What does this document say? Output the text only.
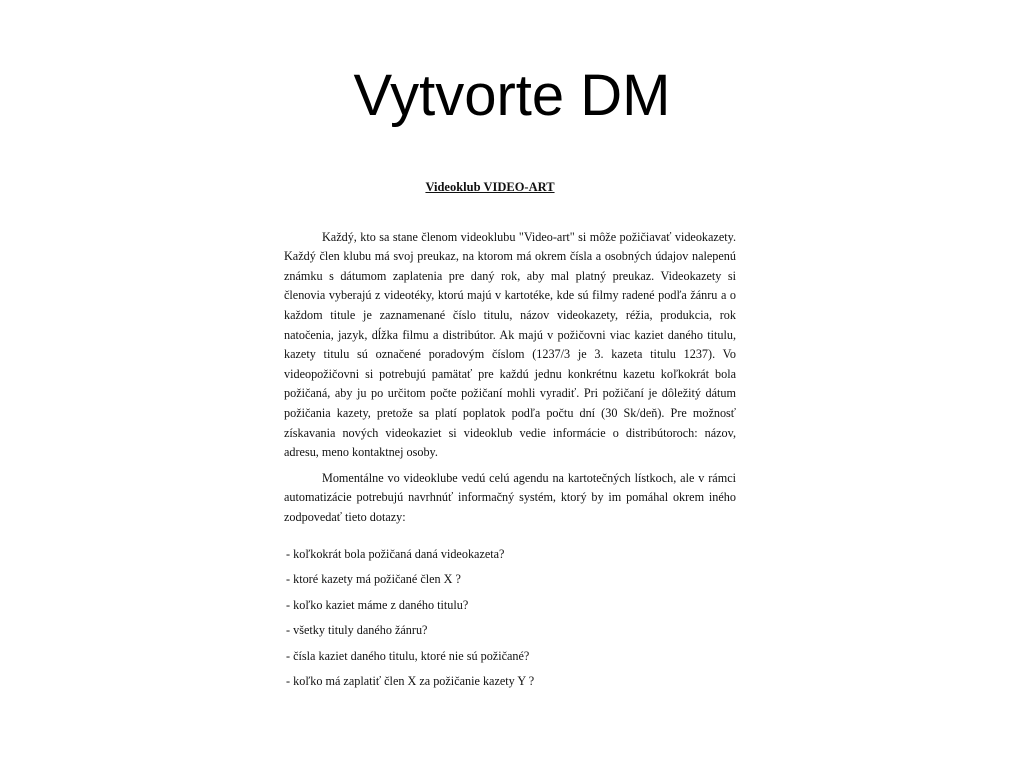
Vytvorte DM
Videoklub VIDEO-ART

Každý, kto sa stane členom videoklubu "Video-art" si môže požičiavať videokazety. Každý člen klubu má svoj preukaz, na ktorom má okrem čísla a osobných údajov nalepenú známku s dátumom zaplatenia pre daný rok, aby mal platný preukaz. Videokazety si členovia vyberajú z videotéky, ktorú majú v kartotéke, kde sú filmy radené podľa žánru a o každom titule je zaznamenané číslo titulu, názov videokazety, réžia, produkcia, rok natočenia, jazyk, dĺžka filmu a distribútor. Ak majú v požičovni viac kaziet daného titulu, kazety titulu sú označené poradovým číslom (1237/3 je 3. kazeta titulu 1237). Vo videopožičovni si potrebujú pamätať pre každú jednu konkrétnu kazetu koľkokrát bola požičaná, aby ju po určitom počte požičaní mohli vyradiť. Pri požičaní je dôležitý dátum požičania kazety, pretože sa platí poplatok podľa počtu dní (30 Sk/deň). Pre možnosť získavania nových videokaziet si videoklub vedie informácie o distribútoroch: názov, adresu, meno kontaktnej osoby.

Momentálne vo videoklube vedú celú agendu na kartotečných lístkoch, ale v rámci automatizácie potrebujú navrhnúť informačný systém, ktorý by im pomáhal okrem iného zodpovedať tieto dotazy:

- koľkokrát bola požičaná daná videokazeta?
- ktoré kazety má požičané člen X ?
- koľko kaziet máme z daného titulu?
- všetky tituly daného žánru?
- čísla kaziet daného titulu, ktoré nie sú požičané?
- koľko má zaplatiť člen X za požičanie kazety Y ?
